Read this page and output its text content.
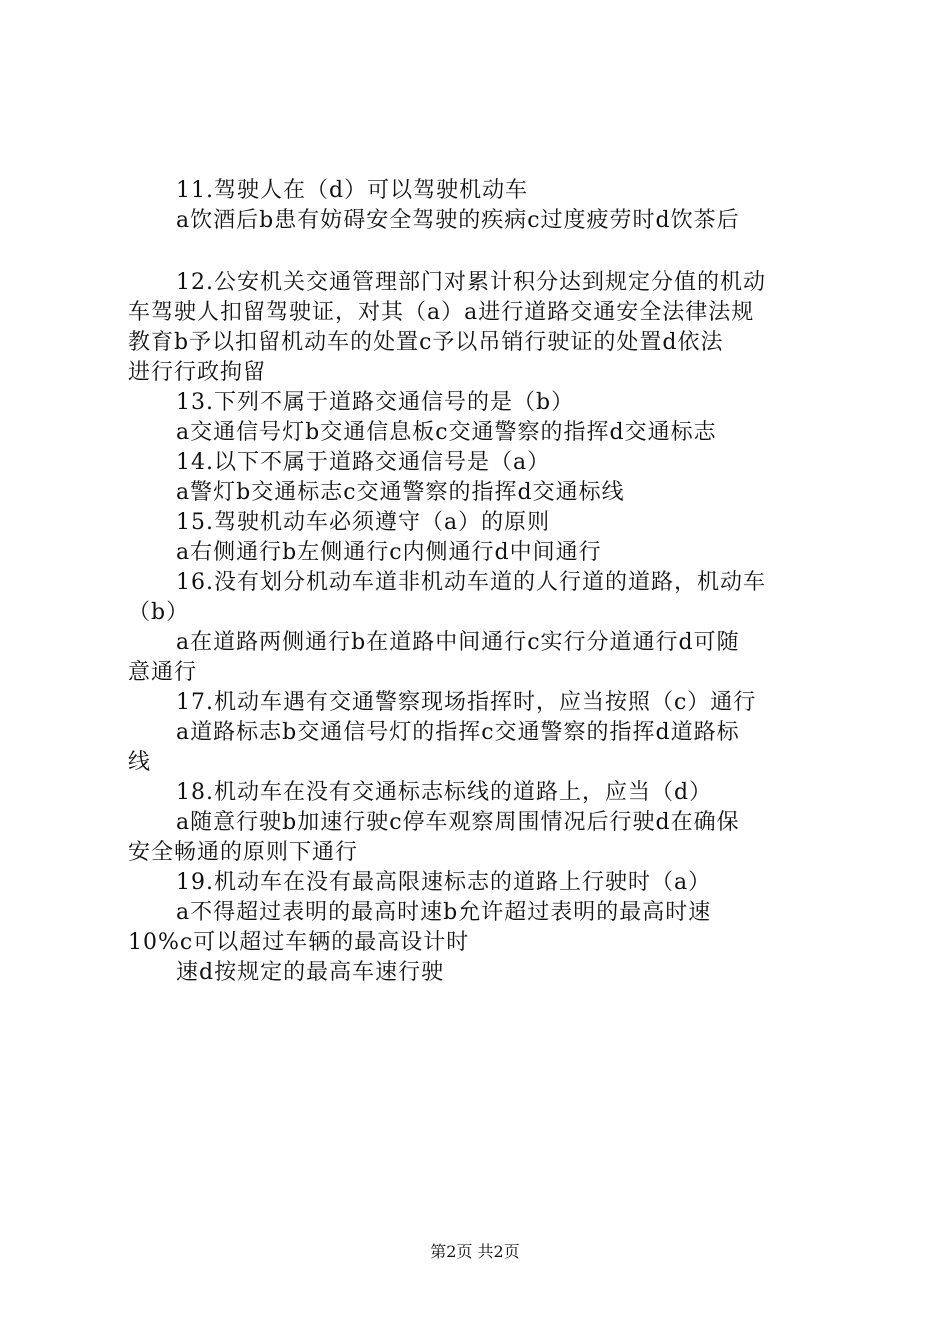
11.驾驶人在（d）可以驾驶机动车
a饮酒后b患有妨碍安全驾驶的疾病c过度疲劳时d饮茶后
12.公安机关交通管理部门对累计积分达到规定分值的机动
车驾驶人扣留驾驶证，对其（a）a进行道路交通安全法律法规
教育b予以扣留机动车的处置c予以吊销行驶证的处置d依法
进行行政拘留
13.下列不属于道路交通信号的是（b）
a交通信号灯b交通信息板c交通警察的指挥d交通标志
14.以下不属于道路交通信号是（a）
a警灯b交通标志c交通警察的指挥d交通标线
15.驾驶机动车必须遵守（a）的原则
a右侧通行b左侧通行c内侧通行d中间通行
16.没有划分机动车道非机动车道的人行道的道路，机动车
（b）
a在道路两侧通行b在道路中间通行c实行分道通行d可随
意通行
17.机动车遇有交通警察现场指挥时，应当按照（c）通行
a道路标志b交通信号灯的指挥c交通警察的指挥d道路标
线
18.机动车在没有交通标志标线的道路上，应当（d）
a随意行驶b加速行驶c停车观察周围情况后行驶d在确保
安全畅通的原则下通行
19.机动车在没有最高限速标志的道路上行驶时（a）
a不得超过表明的最高时速b允许超过表明的最高时速
10%c可以超过车辆的最高设计时
速d按规定的最高车速行驶
第2页 共2页
